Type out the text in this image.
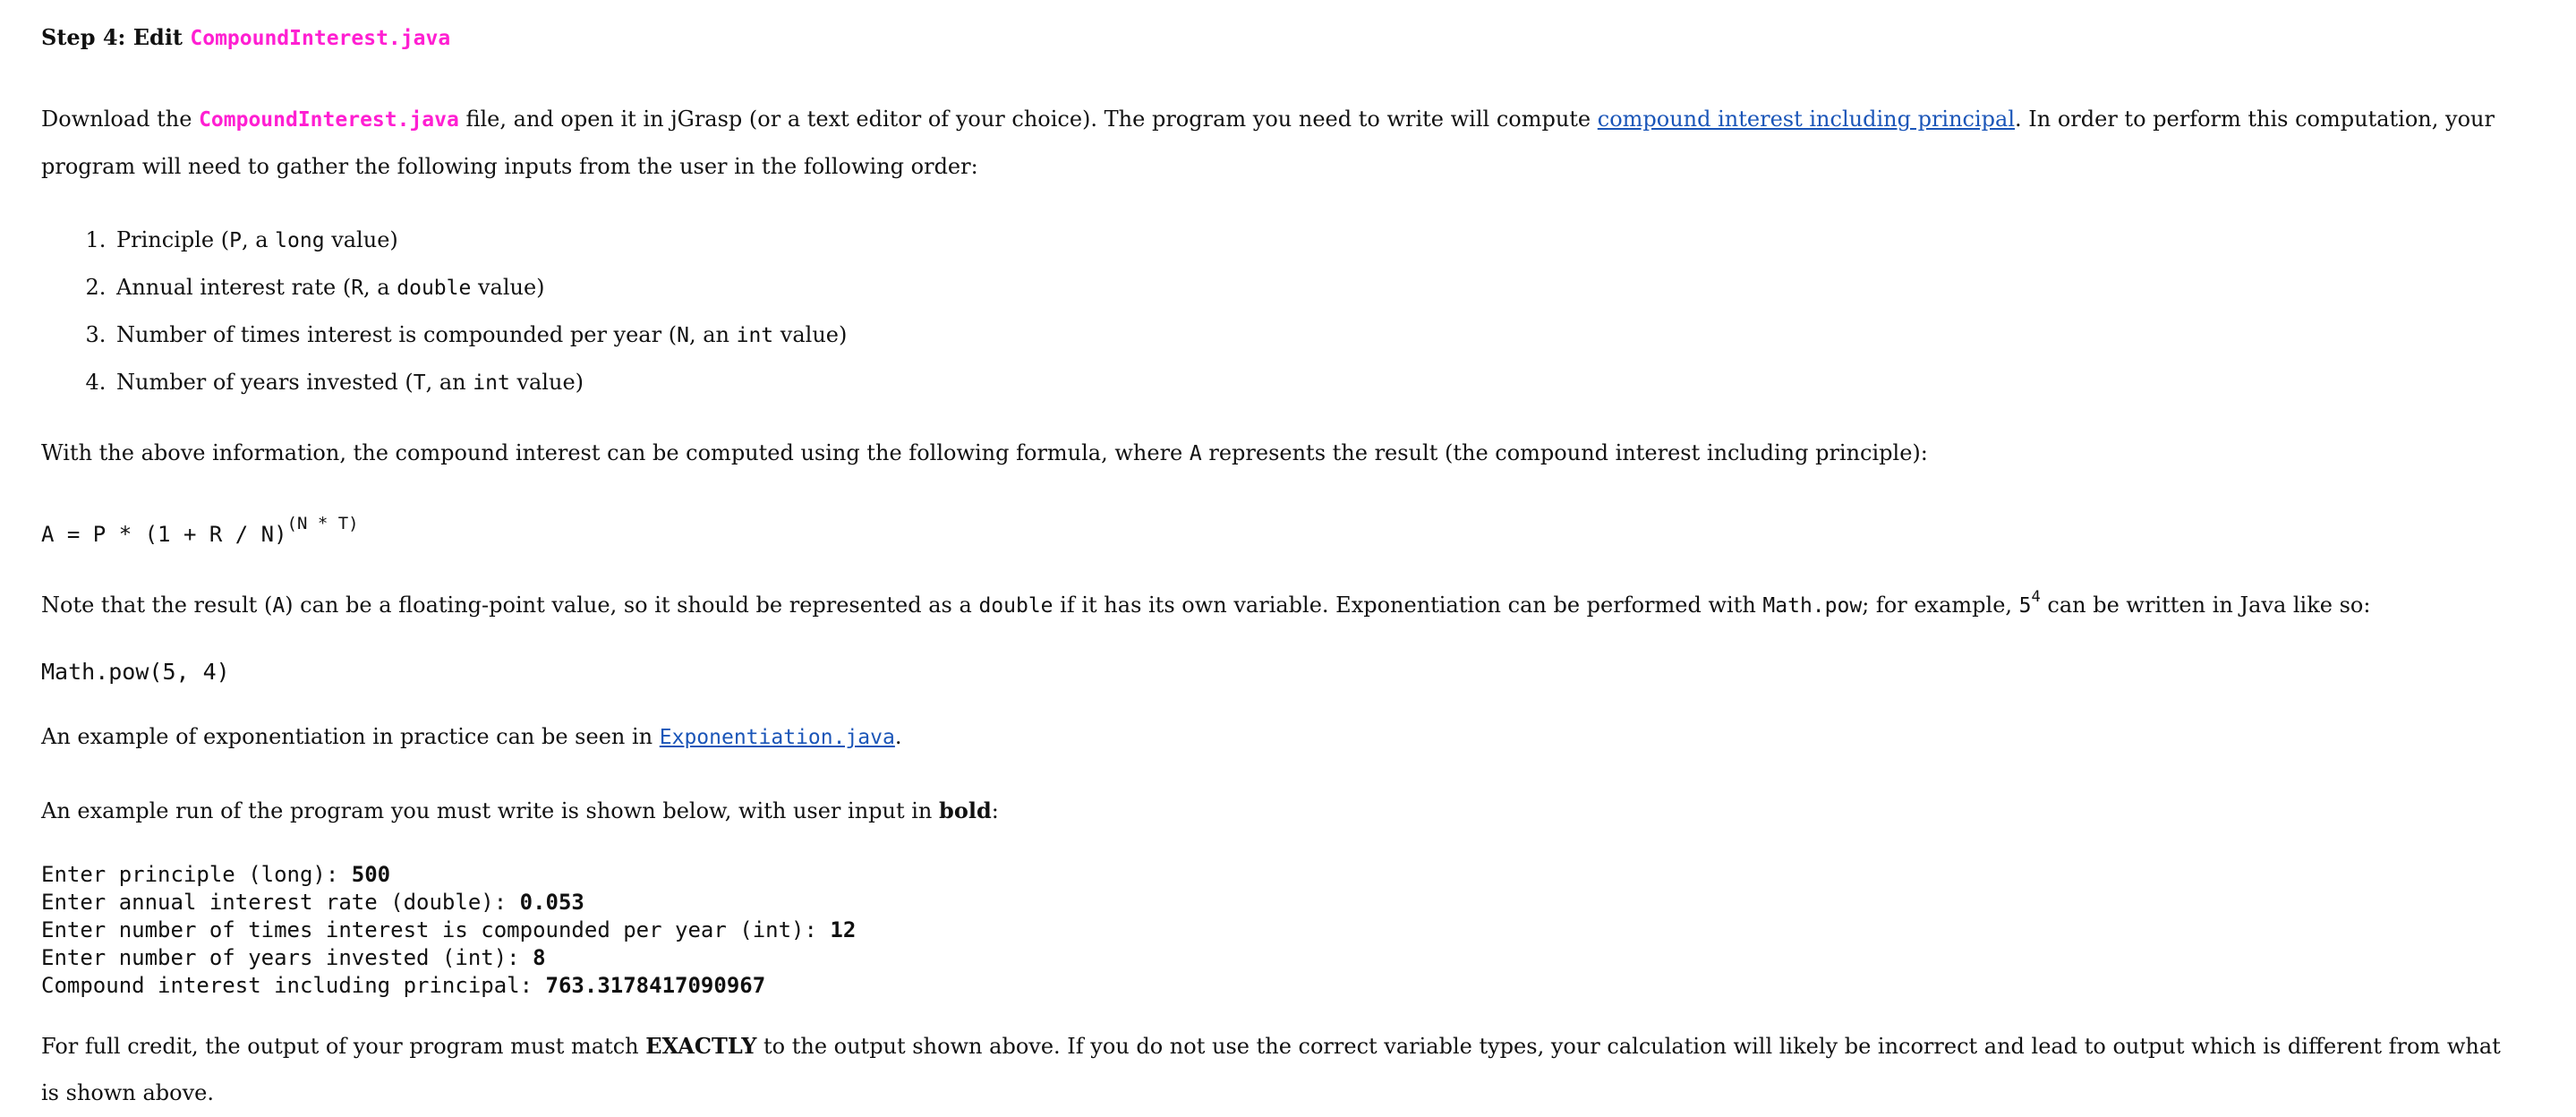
Step 4: Edit CompoundInterest.java

Download the CompoundInterest.java file, and open it in jGrasp (or a text editor of your choice). The program you need to write will compute compound interest including principal. In order to perform this computation, your program will need to gather the following inputs from the user in the following order:

1. Principle (P, a long value)
2. Annual interest rate (R, a double value)
3. Number of times interest is compounded per year (N, an int value)
4. Number of years invested (T, an int value)

With the above information, the compound interest can be computed using the following formula, where A represents the result (the compound interest including principle):

$A = P * (1 + R / N)^{(N * T)}$

Note that the result (A) can be a floating-point value, so it should be represented as a double if it has its own variable. Exponentiation can be performed with Math.pow; for example, $5^4$ can be written in Java like so:

Math.pow(5, 4)

An example of exponentiation in practice can be seen in Exponentiation.java.

An example run of the program you must write is shown below, with user input in bold:

Enter principle (long): 500
Enter annual interest rate (double): 0.053
Enter number of times interest is compounded per year (int): 12
Enter number of years invested (int): 8
Compound interest including principal: 763.3178417090967

For full credit, the output of your program must match EXACTLY to the output shown above. If you do not use the correct variable types, your calculation will likely be incorrect and lead to output which is different from what is shown above.
